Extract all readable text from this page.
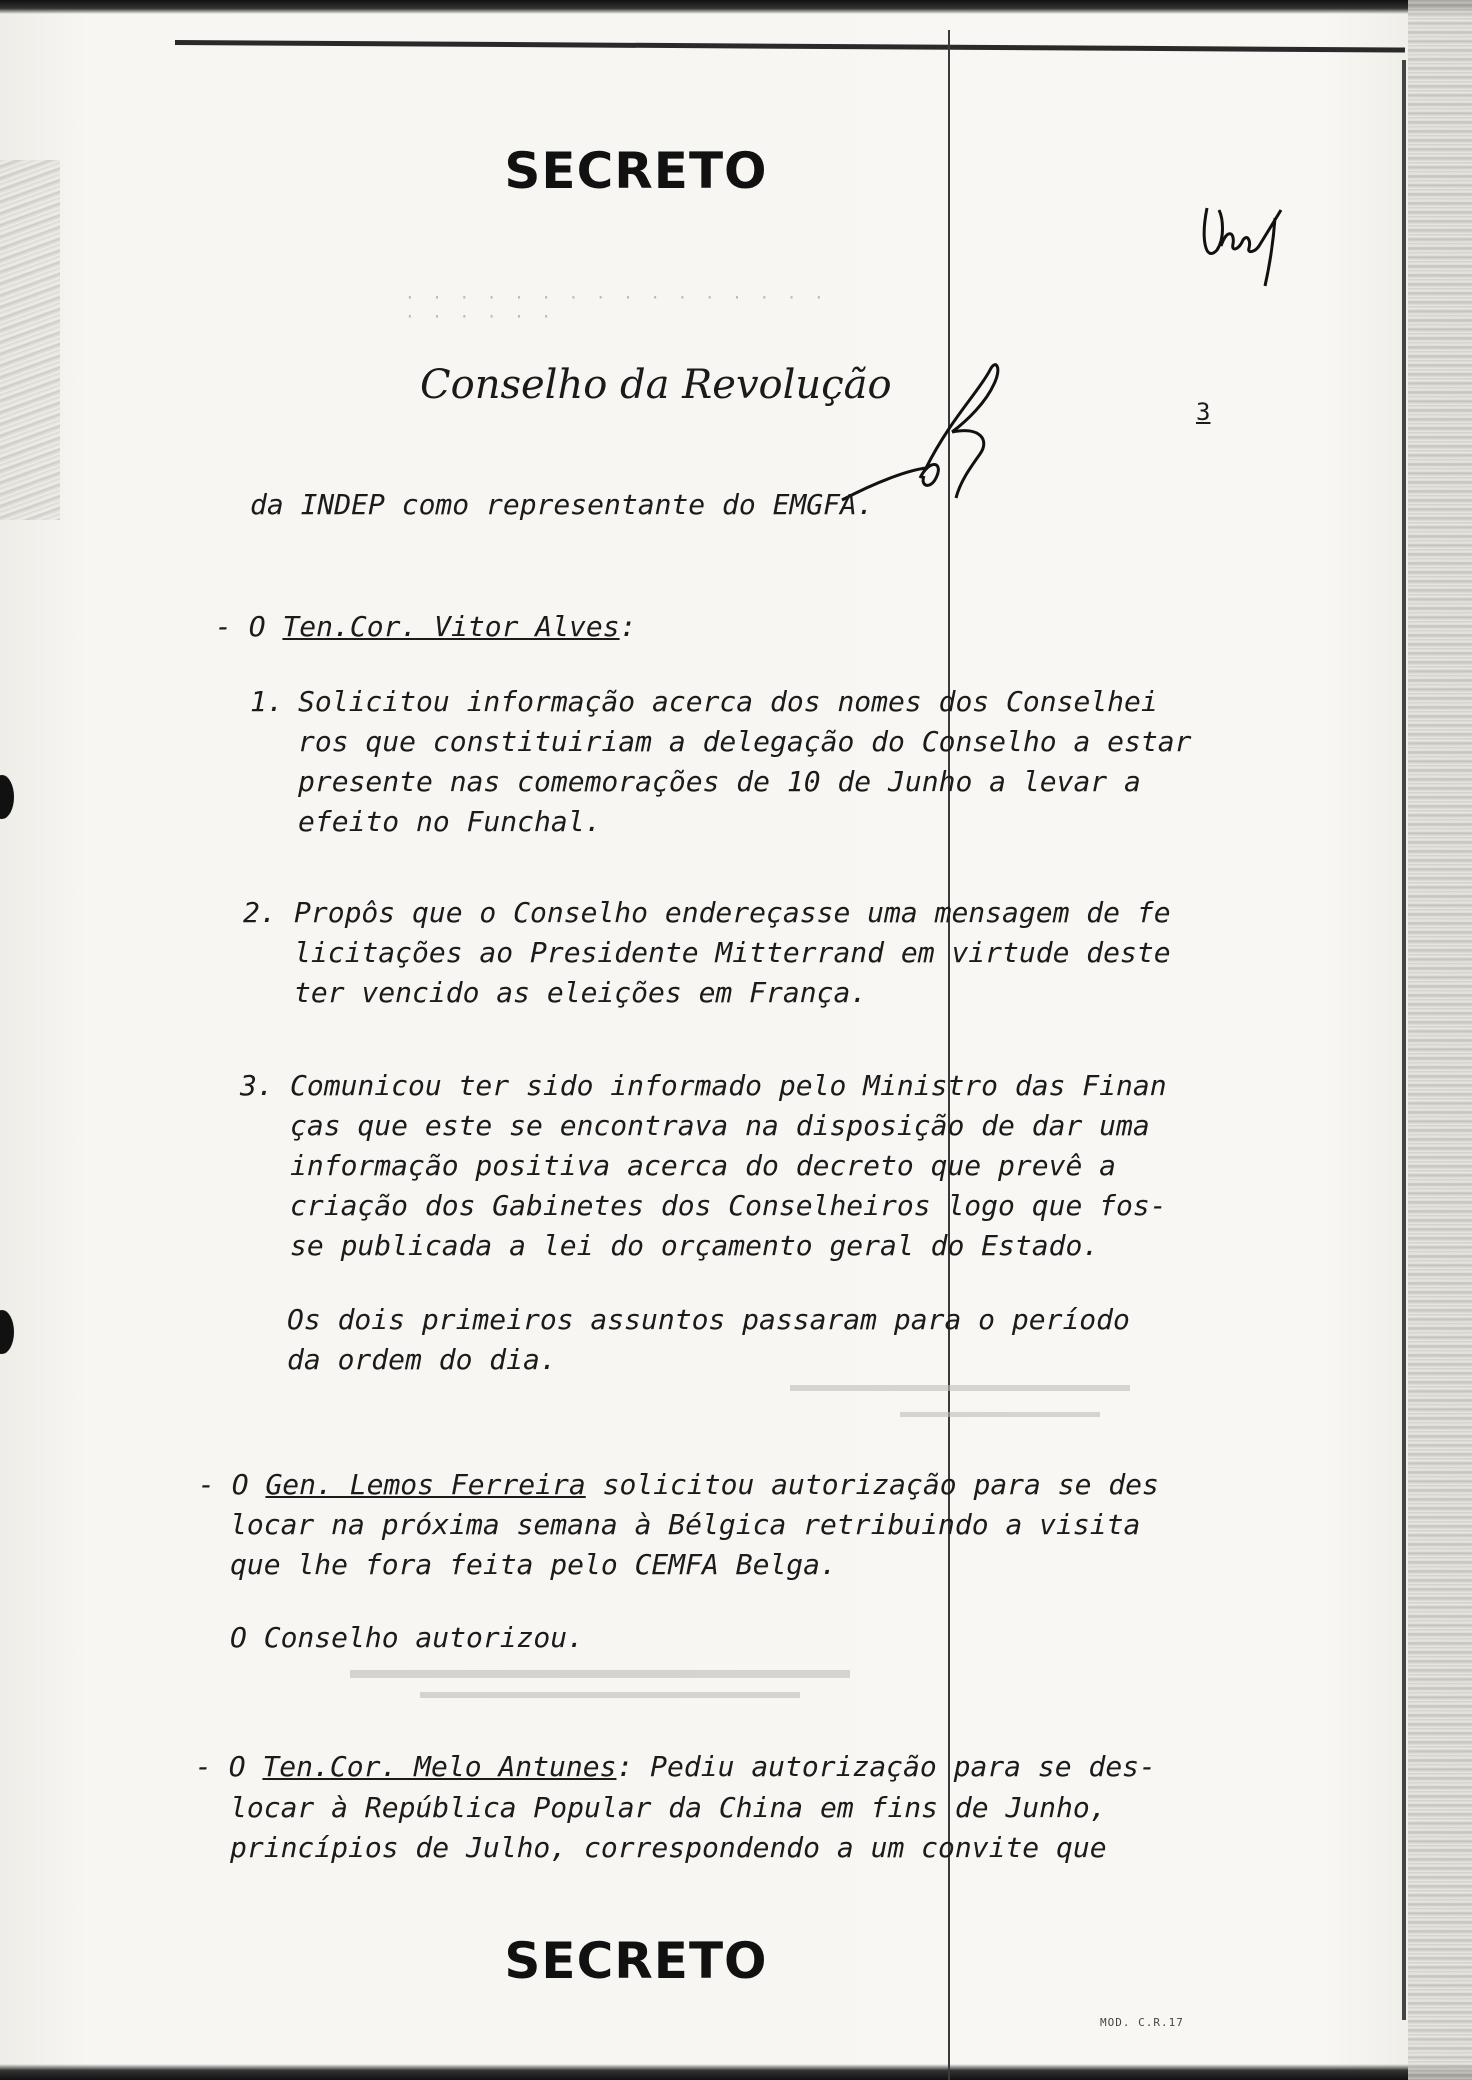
SECRETO
· · · · · · · · · · · · · · · · · · · · · ·
Conselho da Revolução
3
da INDEP como representante do EMGFA.
- O Ten.Cor. Vitor Alves:
1. Solicitou informação acerca dos nomes dos Conselhei
ros que constituiriam a delegação do Conselho a estar
presente nas comemorações de 10 de Junho a levar a
efeito no Funchal.
2. Propôs que o Conselho endereçasse uma mensagem de fe
licitações ao Presidente Mitterrand em virtude deste
ter vencido as eleições em França.
3. Comunicou ter sido informado pelo Ministro das Finan
ças que este se encontrava na disposição de dar uma
informação positiva acerca do decreto que prevê a
criação dos Gabinetes dos Conselheiros logo que fos-
se publicada a lei do orçamento geral do Estado.
Os dois primeiros assuntos passaram para o período
da ordem do dia.
- O Gen. Lemos Ferreira solicitou autorização para se des
locar na próxima semana à Bélgica retribuindo a visita
que lhe fora feita pelo CEMFA Belga.
O Conselho autorizou.
- O Ten.Cor. Melo Antunes: Pediu autorização para se des-
locar à República Popular da China em fins de Junho,
princípios de Julho, correspondendo a um convite que
SECRETO
MOD. C.R.17
